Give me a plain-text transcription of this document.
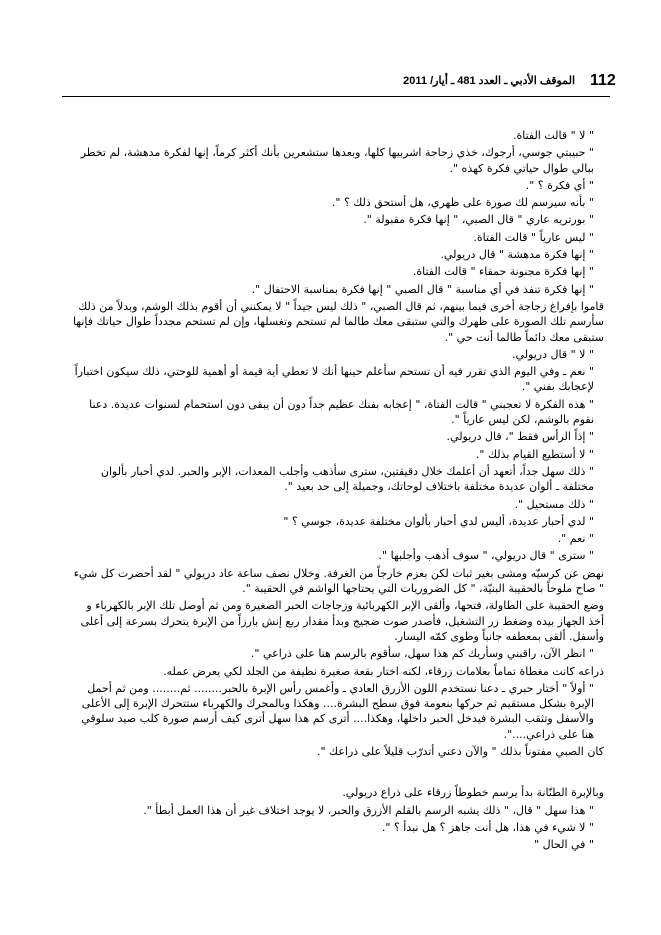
112
الموقف الأدبي ـ العدد 481 ـ أيار/ 2011

" لا " قالت الفتاة.

" حبيبتي جوسي، أرجوك، خذي زجاجة اشربيها كلها، وبعدها ستشعرين بأنك أكثر كرماً، إنها لفكرة مدهشة، لم تخطر ببالي طوال حياتي فكرة كهذه ".

" أي فكرة ؟ ".

" بأنه سيرسم لك صورة على ظهري، هل أستحق ذلك ؟ ".

" بورتريه عاري " قال الصبي، " إنها فكرة مقبولة ".

" ليس عارياً " قالت الفتاة.

" إنها فكرة مدهشة " قال دريولي.

" إنها فكرة مجنونة حمقاء " قالت الفتاة.

" إنها فكرة تنفذ في أي مناسبة " قال الصبي " إنها فكرة بمناسبة الاحتفال ".

قاموا بإفراغ زجاجة أخرى فيما بينهم، ثم قال الصبي، " ذلك ليس جيداً " لا يمكنني أن أقوم بذلك الوشم، وبدلاً من ذلك سأرسم تلك الصورة على ظهرك والتي ستبقى معك طالما لم تستحم وتغسلها، وإن لم تستحم مجدداً طوال حياتك فإنها ستبقى معك دائماً طالما أنت حي ".

" لا " قال دريولي.

" نعم ـ وفي اليوم الذي تقرر فيه أن تستحم سأعلم حينها أنك لا تعطي أية قيمة أو أهمية للوحتي، ذلك سيكون اختباراً لإعجابك بفني ".

" هذه الفكرة لا تعجبني " قالت الفتاة، " إعجابه بفنك عظيم جداً دون أن يبقى دون استحمام لسنوات عديدة. دعنا نقوم بالوشم، لكن ليس عارياً ".

" إذاً الرأس فقط "، قال دريولي.

" لا أستطيع القيام بذلك ".

" ذلك سهل جداً، أتعهد أن أعلمك خلال دقيقتين، سترى سأذهب وأجلب المعدات، الإبر والحبر. لدي أحبار بألوان مختلفة ـ ألوان عديدة مختلفة باختلاف لوحاتك، وجميلة إلى حد بعيد ".

" ذلك مستحيل ".

" لدي أحبار عديدة، أليس لدي أحبار بألوان مختلفة عديدة، جوسي ؟ "

" نعم ".

" سترى " قال دريولي، " سوف أذهب وأجلبها ".

نهض عن كرسيّه ومشى بغير ثبات لكن بعزم خارجاً من الغرفة. وخلال نصف ساعة عاد دريولي " لقد أحضرت كل شيء " صاح ملوحاً بالحقيبة البنيّة، " كل الضروريات التي يحتاجها الواشم في الحقيبة ".

وضع الحقيبة على الطاولة، فتحها، وألقى الإبر الكهربائية وزجاجات الحبر الصغيرة ومن ثم أوصل تلك الإبر بالكهرباء و أخذ الجهاز بيده وضغط زر التشغيل، فأصدر صوت ضجيج وبدأ مقدار ربع إنش بارزاً من الإبرة يتحرك بسرعة إلى أعلى وأسفل. ألقى بمعطفه جانباً وطوى كمّه اليسار.

" انظر الآن، راقبني وسأريك كم هذا سهل، سأقوم بالرسم هنا على ذراعي ".

ذراعه كانت مغطاة تماماً بعلامات زرقاء، لكنه اختار بقعة صغيرة نظيفة من الجلد لكي يعرض عمله.

" أولاً " أختار حبري ـ دعنا نستخدم اللون الأزرق العادي ـ وأغمس رأس الإبرة بالحبر........ ثم........ ومن ثم أحمل الإبرة بشكل مستقيم ثم حركها بنعومة فوق سطح البشرة.... وهكذا وبالمحرك والكهرباء ستتحرك الإبرة إلى الأعلى والأسفل وتثقب البشرة فيدخل الحبر داخلها، وهكذا.... أترى كم هذا سهل أترى كيف أرسم صورة كلب صيد سلوقي هنا على ذراعي....".

كان الصبي مفتوناً بذلك " والآن دعني أتدرّب قليلاً على ذراعك ".

وبالإبرة الطنّانة بدأ يرسم خطوطاً زرقاء على ذراع دريولي.

" هذا سهل " قال، " ذلك يشبه الرسم بالقلم الأزرق والحبر، لا يوجد اختلاف غير أن هذا العمل أبطأ ".

" لا شيء في هذا، هل أنت جاهز ؟ هل نبدأ ؟ ".

" في الحال "
